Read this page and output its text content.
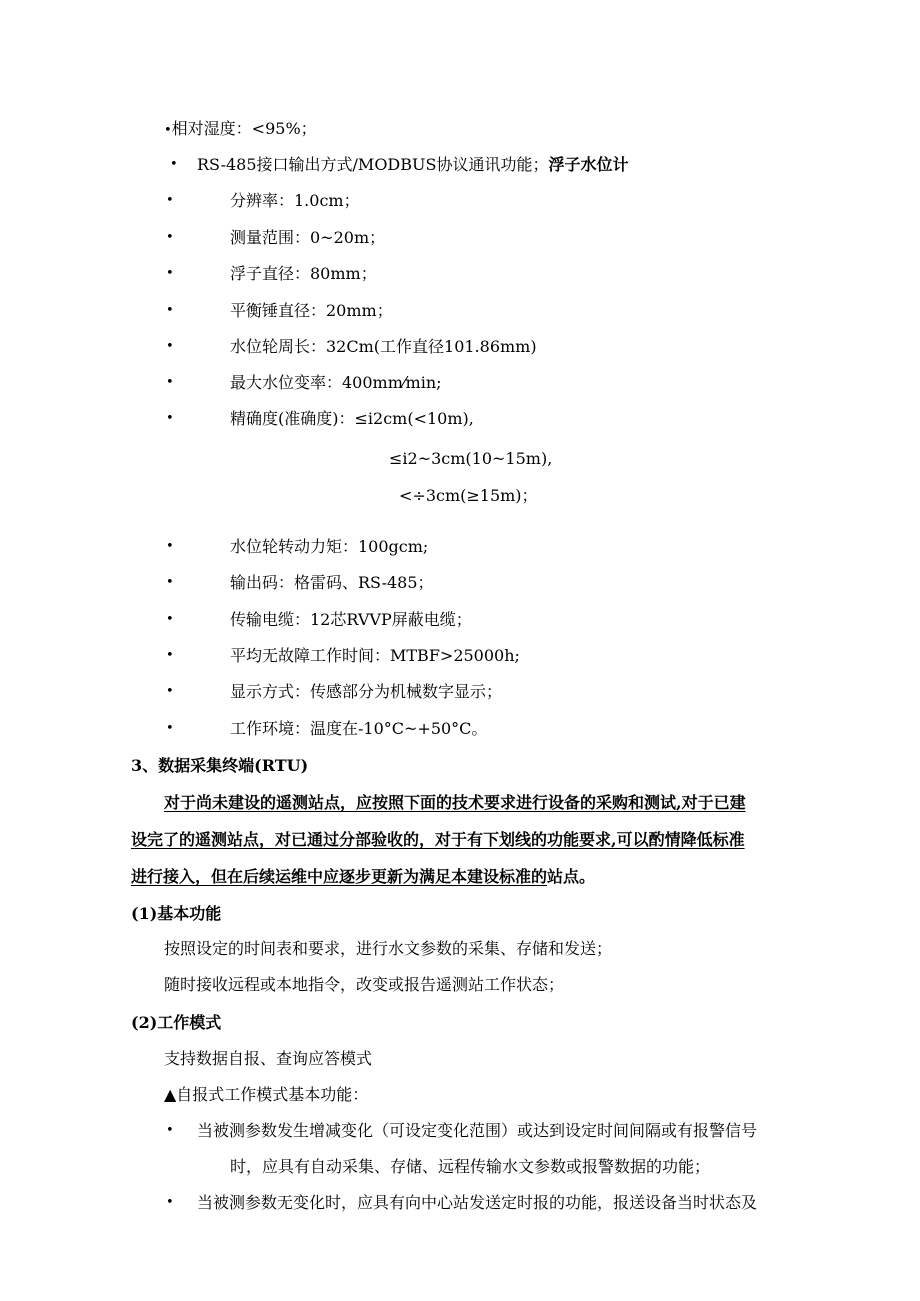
•相对湿度：<95%；
• RS-485接口输出方式/MODBUS协议通讯功能；浮子水位计
•	分辨率：1.0cm；
•	测量范围：0~20m；
•	浮子直径：80mm；
•	平衡锤直径：20mm；
•	水位轮周长：32Cm(工作直径101.86mm)
•	最大水位变率：400mm⁄min;
•	精确度(准确度)：≤i2cm(<10m),
≤i2~3cm(10~15m),
<÷3cm(≥15m)；
•	水位轮转动力矩：100gcm;
•	输出码：格雷码、RS-485；
•	传输电缆：12芯RVVP屏蔽电缆；
•	平均无故障工作时间：MTBF>25000h;
•	显示方式：传感部分为机械数字显示；
•	工作环境：温度在-10°C~+50°C。
3、数据采集终端(RTU)
对于尚未建设的遥测站点，应按照下面的技术要求进行设备的采购和测试,对于已建
设完了的遥测站点，对已通过分部验收的，对于有下划线的功能要求,可以酌情降低标准
进行接入，但在后续运维中应逐步更新为满足本建设标准的站点。
(1)基本功能
按照设定的时间表和要求，进行水文参数的采集、存储和发送；
随时接收远程或本地指令，改变或报告遥测站工作状态；
(2)工作模式
支持数据自报、查询应答模式
▲自报式工作模式基本功能：
• 当被测参数发生增减变化（可设定变化范围）或达到设定时间间隔或有报警信号
时，应具有自动采集、存储、远程传输水文参数或报警数据的功能；
• 当被测参数无变化时，应具有向中心站发送定时报的功能，报送设备当时状态及
